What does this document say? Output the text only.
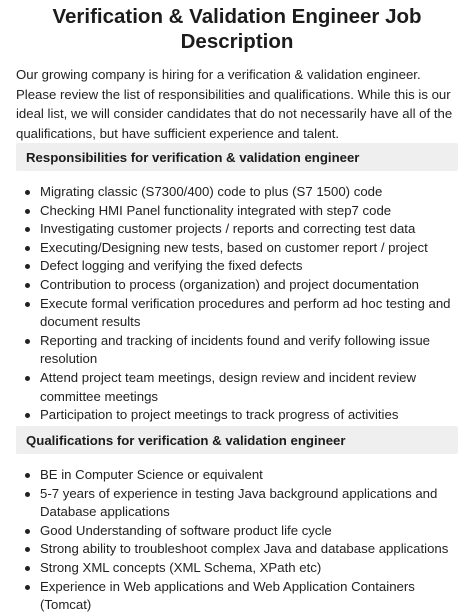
Verification & Validation Engineer Job Description

Our growing company is hiring for a verification & validation engineer. Please review the list of responsibilities and qualifications. While this is our ideal list, we will consider candidates that do not necessarily have all of the qualifications, but have sufficient experience and talent.

Responsibilities for verification & validation engineer
Migrating classic (S7300/400) code to plus (S7 1500) code
Checking HMI Panel functionality integrated with step7 code
Investigating customer projects / reports and correcting test data
Executing/Designing new tests, based on customer report / project
Defect logging and verifying the fixed defects
Contribution to process (organization) and project documentation
Execute formal verification procedures and perform ad hoc testing and document results
Reporting and tracking of incidents found and verify following issue resolution
Attend project team meetings, design review and incident review committee meetings
Participation to project meetings to track progress of activities
Qualifications for verification & validation engineer
BE in Computer Science or equivalent
5-7 years of experience in testing Java background applications and Database applications
Good Understanding of software product life cycle
Strong ability to troubleshoot complex Java and database applications
Strong XML concepts (XML Schema, XPath etc)
Experience in Web applications and Web Application Containers (Tomcat)
